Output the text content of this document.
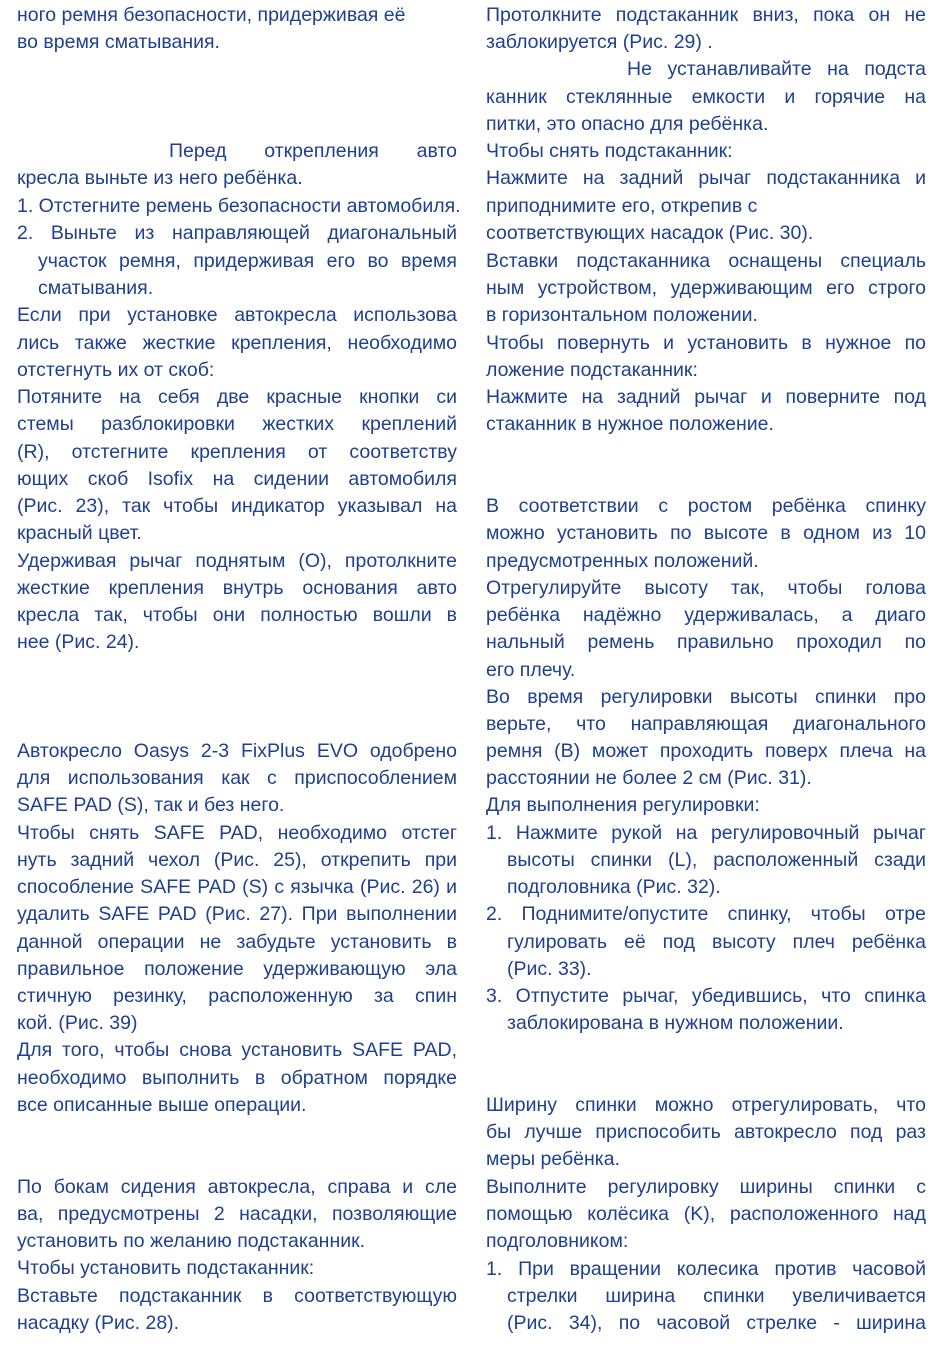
ного ремня безопасности, придерживая её
во время сматывания.
Перед открепления авто
кресла выньте из него ребёнка.
1. Отстегните ремень безопасности автомобиля.
2. Выньте из направляющей диагональный
участок ремня, придерживая его во время
сматывания.
Если при установке автокресла использова
лись также жесткие крепления, необходимо
отстегнуть их от скоб:
Потяните на себя две красные кнопки си
стемы разблокировки жестких креплений
(R), отстегните крепления от соответству
ющих скоб Isofix на сидении автомобиля
(Рис. 23), так чтобы индикатор указывал на
красный цвет.
Удерживая рычаг поднятым (O), протолкните
жесткие крепления внутрь основания авто
кресла так, чтобы они полностью вошли в
нее (Рис. 24).
Автокресло Oasys 2-3 FixPlus EVO одобрено
для использования как с приспособлением
SAFE PAD (S), так и без него.
Чтобы снять SAFE PAD, необходимо отстег
нуть задний чехол (Рис. 25), открепить при
способление SAFE PAD (S) с язычка (Рис. 26) и
удалить SAFE PAD (Рис. 27). При выполнении
данной операции не забудьте установить в
правильное положение удерживающую эла
стичную резинку, расположенную за спин
кой. (Рис. 39)
Для того, чтобы снова установить SAFE PAD,
необходимо выполнить в обратном порядке
все описанные выше операции.
По бокам сидения автокресла, справа и сле
ва, предусмотрены 2 насадки, позволяющие
установить по желанию подстаканник.
Чтобы установить подстаканник:
Вставьте подстаканник в соответствующую
насадку (Рис. 28).
Протолкните подстаканник вниз, пока он не
заблокируется (Рис. 29) .
Не устанавливайте на подста
канник стеклянные емкости и горячие на
питки, это опасно для ребёнка.
Чтобы снять подстаканник:
Нажмите на задний рычаг подстаканника и
приподнимите его, открепив с
соответствующих насадок (Рис. 30).
Вставки подстаканника оснащены специаль
ным устройством, удерживающим его строго
в горизонтальном положении.
Чтобы повернуть и установить в нужное по
ложение подстаканник:
Нажмите на задний рычаг и поверните под
стаканник в нужное положение.
В соответствии с ростом ребёнка спинку
можно установить по высоте в одном из 10
предусмотренных положений.
Отрегулируйте высоту так, чтобы голова
ребёнка надёжно удерживалась, а диаго
нальный ремень правильно проходил по
его плечу.
Во время регулировки высоты спинки про
верьте, что направляющая диагонального
ремня (B) может проходить поверх плеча на
расстоянии не более 2 см (Рис. 31).
Для выполнения регулировки:
1. Нажмите рукой на регулировочный рычаг
высоты спинки (L), расположенный сзади
подголовника (Рис. 32).
2. Поднимите/опустите спинку, чтобы отре
гулировать её под высоту плеч ребёнка
(Рис. 33).
3. Отпустите рычаг, убедившись, что спинка
заблокирована в нужном положении.
Ширину спинки можно отрегулировать, что
бы лучше приспособить автокресло под раз
меры ребёнка.
Выполните регулировку ширины спинки с
помощью колёсика (K), расположенного над
подголовником:
1. При вращении колесика против часовой
стрелки ширина спинки увеличивается
(Рис. 34), по часовой стрелке - ширина
